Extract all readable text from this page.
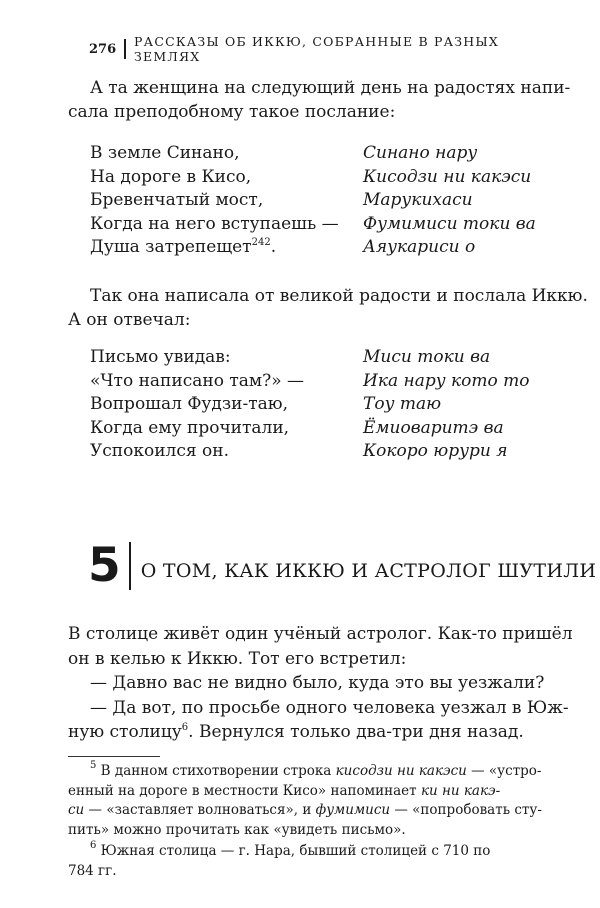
276 РАССКАЗЫ ОБ ИККЮ, СОБРАННЫЕ В РАЗНЫХ ЗЕМЛЯХ

А та женщина на следующий день на радостях напи-
сала преподобному такое послание:

В земле Синано,	Синано нару
На дороге в Кисо,	Кисодзи ни какэси
Бревенчатый мост,	Марукихаси
Когда на него вступаешь —	Фумимиси токи ва
Душа затрепещет$^{242}$.	Аяукариси о

Так она написала от великой радости и послала Иккю.
А он отвечал:

Письмо увидав:	Миси токи ва
«Что написано там?» —	Ика нару кото то
Вопрошал Фудзи-таю,	Тоу таю
Когда ему прочитали,	Ёмиоваритэ ва
Успокоился он.	Кокоро юрури я
5 О ТОМ, КАК ИККЮ И АСТРОЛОГ ШУТИЛИ

В столице живёт один учёный астролог. Как-то пришёл
он в келью к Иккю. Тот его встретил:
— Давно вас не видно было, куда это вы уезжали?
— Да вот, по просьбе одного человека уезжал в Юж-
ную столицу$^6$. Вернулся только два-три дня назад.

$^5$ В данном стихотворении строка кисодзи ни какэси — «устро-
енный на дороге в местности Кисо» напоминает ки ни какэ-
си — «заставляет волноваться», и фумимиси — «попробовать сту-
пить» можно прочитать как «увидеть письмо».
$^6$ Южная столица — г. Нара, бывший столицей с 710 по
784 гг.
